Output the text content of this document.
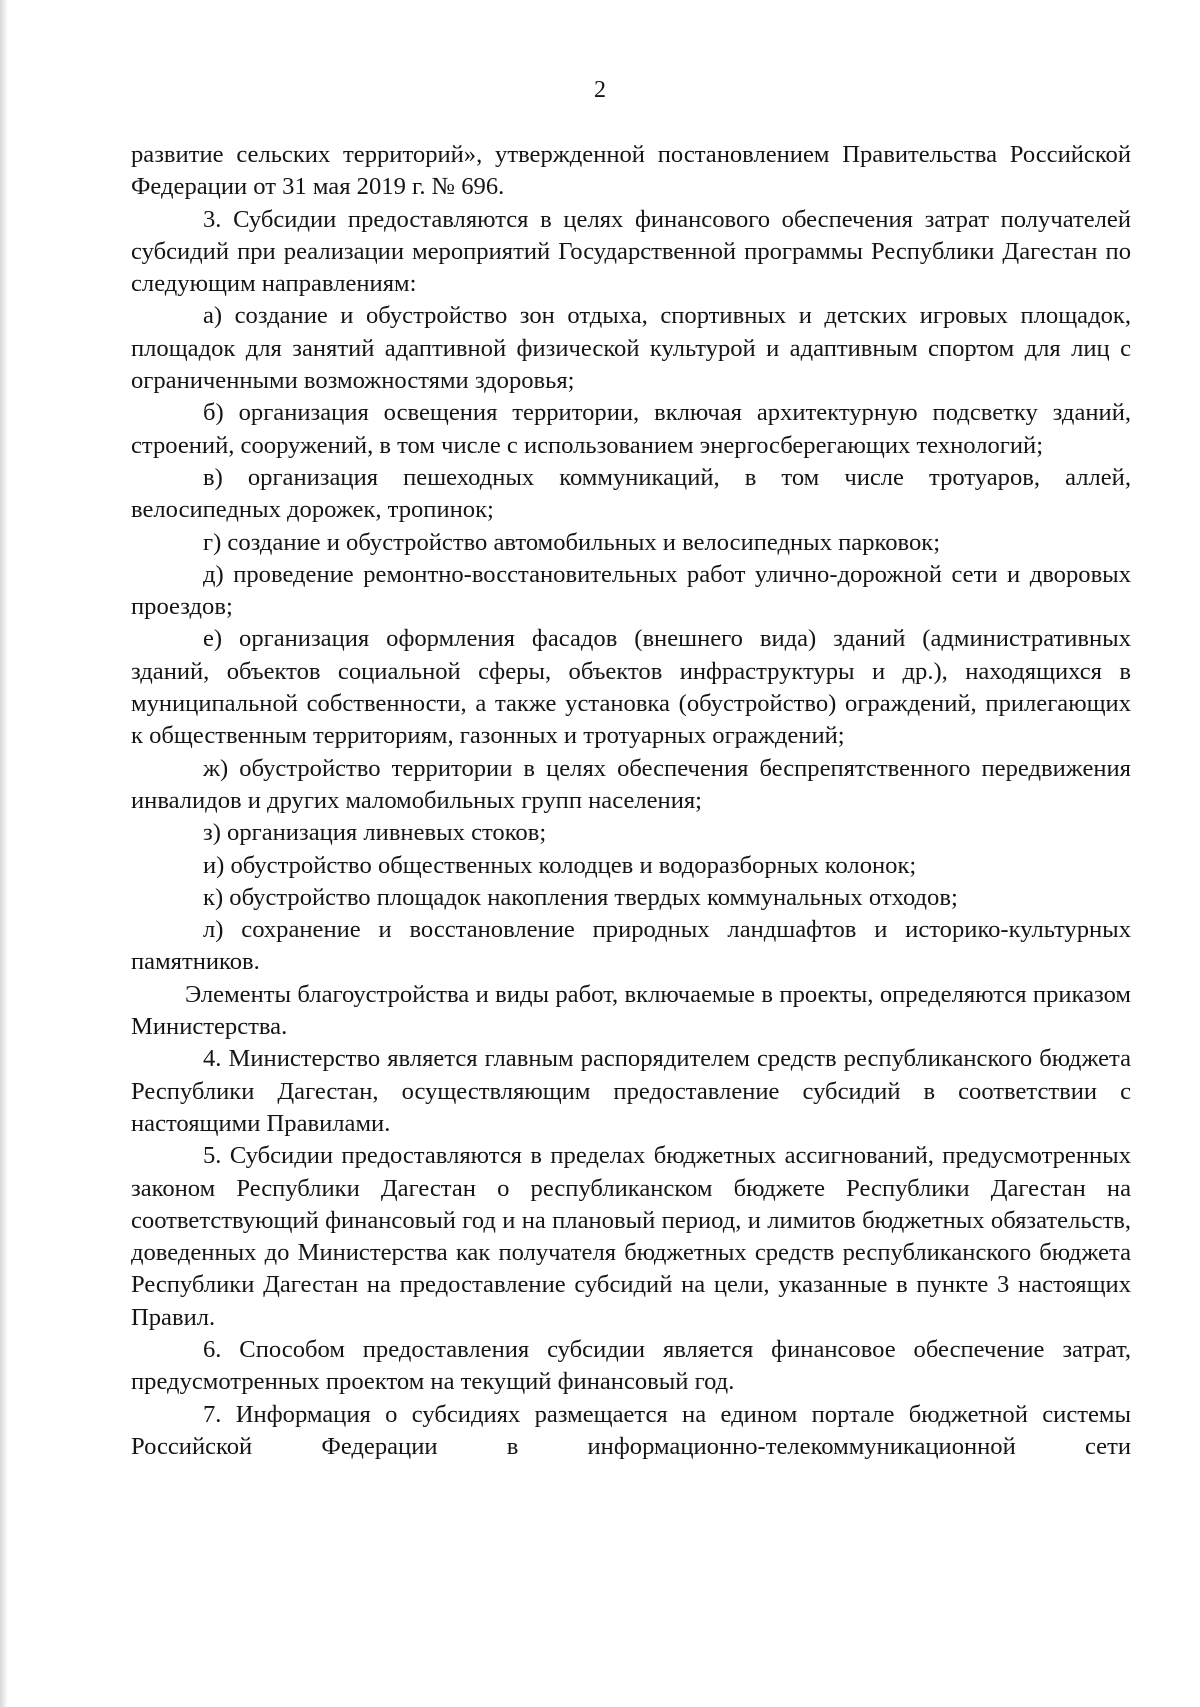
2

развитие сельских территорий», утвержденной постановлением Правительства Российской Федерации от 31 мая 2019 г. № 696.

3. Субсидии предоставляются в целях финансового обеспечения затрат получателей субсидий при реализации мероприятий Государственной программы Республики Дагестан по следующим направлениям:

а) создание и обустройство зон отдыха, спортивных и детских игровых площадок, площадок для занятий адаптивной физической культурой и адаптивным спортом для лиц с ограниченными возможностями здоровья;

б) организация освещения территории, включая архитектурную подсветку зданий, строений, сооружений, в том числе с использованием энергосберегающих технологий;

в) организация пешеходных коммуникаций, в том числе тротуаров, аллей, велосипедных дорожек, тропинок;

г) создание и обустройство автомобильных и велосипедных парковок;

д) проведение ремонтно-восстановительных работ улично-дорожной сети и дворовых проездов;

е) организация оформления фасадов (внешнего вида) зданий (административных зданий, объектов социальной сферы, объектов инфраструктуры и др.), находящихся в муниципальной собственности, а также установка (обустройство) ограждений, прилегающих к общественным территориям, газонных и тротуарных ограждений;

ж) обустройство территории в целях обеспечения беспрепятственного передвижения инвалидов и других маломобильных групп населения;

з) организация ливневых стоков;

и) обустройство общественных колодцев и водоразборных колонок;

к) обустройство площадок накопления твердых коммунальных отходов;

л) сохранение и восстановление природных ландшафтов и историко-культурных памятников.

Элементы благоустройства и виды работ, включаемые в проекты, определяются приказом Министерства.

4. Министерство является главным распорядителем средств республиканского бюджета Республики Дагестан, осуществляющим предоставление субсидий в соответствии с настоящими Правилами.

5. Субсидии предоставляются в пределах бюджетных ассигнований, предусмотренных законом Республики Дагестан о республиканском бюджете Республики Дагестан на соответствующий финансовый год и на плановый период, и лимитов бюджетных обязательств, доведенных до Министерства как получателя бюджетных средств республиканского бюджета Республики Дагестан на предоставление субсидий на цели, указанные в пункте 3 настоящих Правил.

6. Способом предоставления субсидии является финансовое обеспечение затрат, предусмотренных проектом на текущий финансовый год.

7. Информация о субсидиях размещается на едином портале бюджетной системы Российской Федерации в информационно-телекоммуникационной сети
